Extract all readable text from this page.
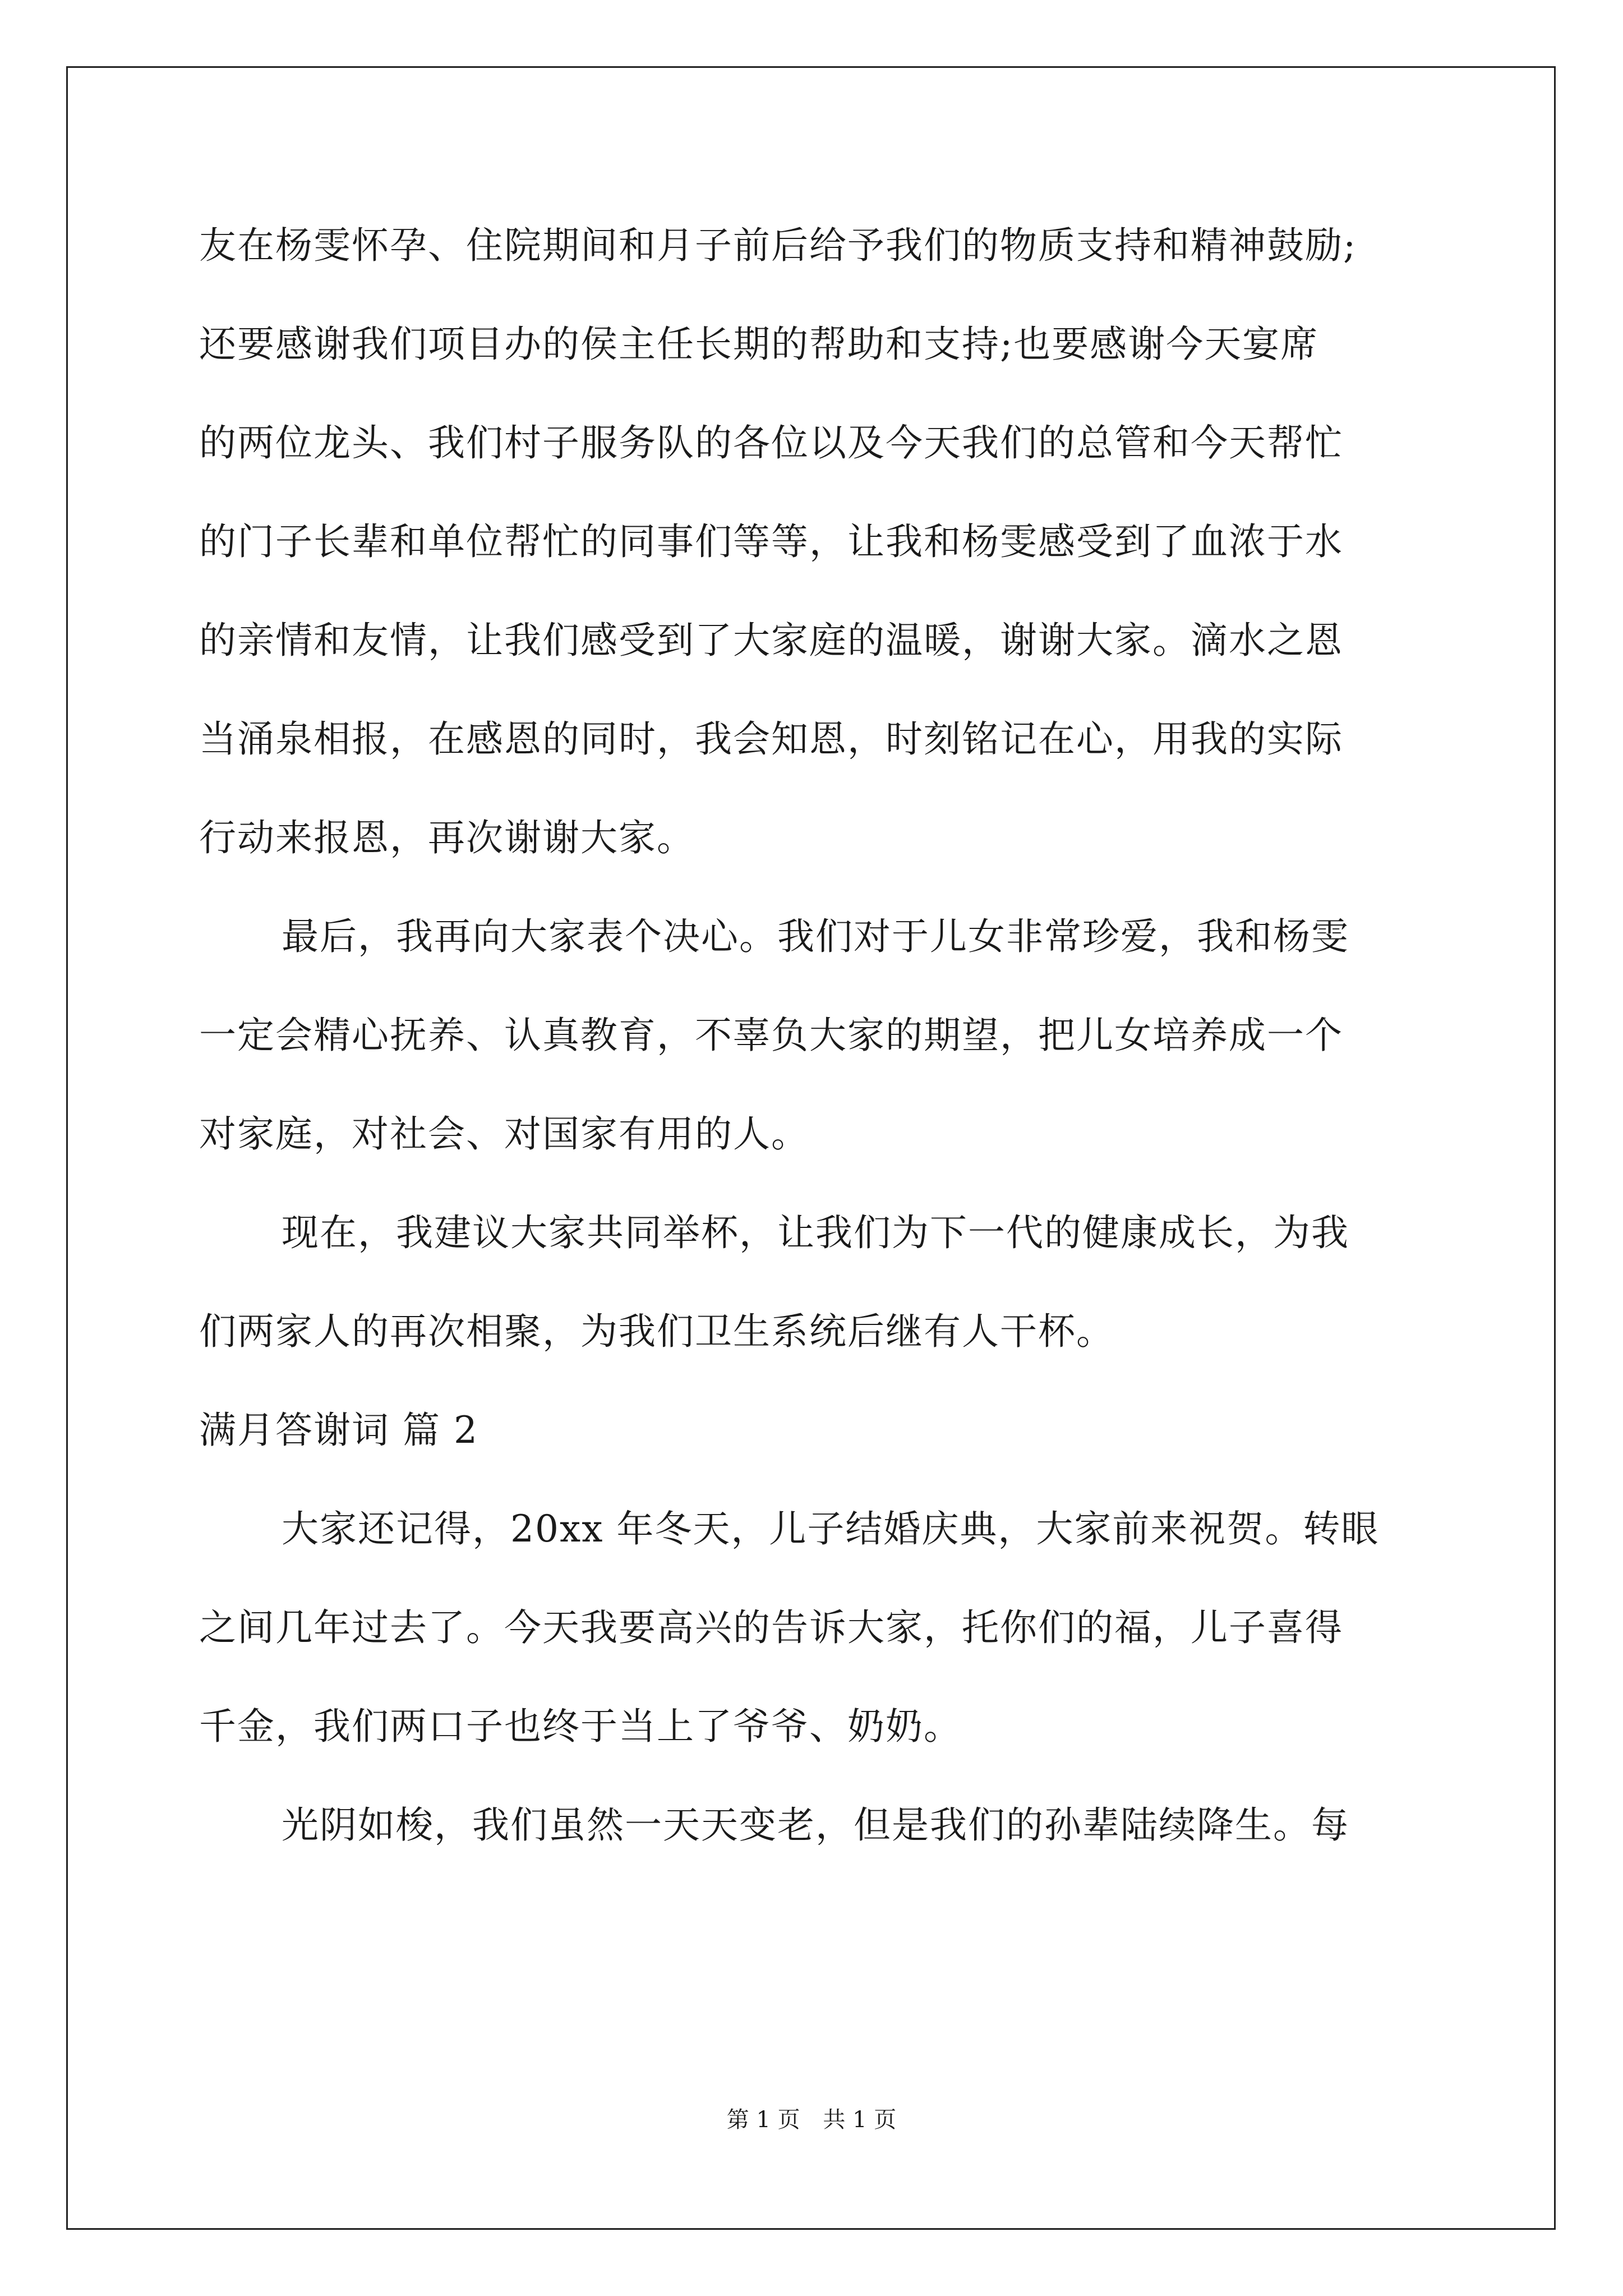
友在杨雯怀孕、住院期间和月子前后给予我们的物质支持和精神鼓励;
还要感谢我们项目办的侯主任长期的帮助和支持;也要感谢今天宴席
的两位龙头、我们村子服务队的各位以及今天我们的总管和今天帮忙
的门子长辈和单位帮忙的同事们等等，让我和杨雯感受到了血浓于水
的亲情和友情，让我们感受到了大家庭的温暖，谢谢大家。滴水之恩
当涌泉相报，在感恩的同时，我会知恩，时刻铭记在心，用我的实际
行动来报恩，再次谢谢大家。
最后，我再向大家表个决心。我们对于儿女非常珍爱，我和杨雯
一定会精心抚养、认真教育，不辜负大家的期望，把儿女培养成一个
对家庭，对社会、对国家有用的人。
现在，我建议大家共同举杯，让我们为下一代的健康成长，为我
们两家人的再次相聚，为我们卫生系统后继有人干杯。
满月答谢词 篇 2
大家还记得，20xx 年冬天，儿子结婚庆典，大家前来祝贺。转眼
之间几年过去了。今天我要高兴的告诉大家，托你们的福，儿子喜得
千金，我们两口子也终于当上了爷爷、奶奶。
光阴如梭，我们虽然一天天变老，但是我们的孙辈陆续降生。每
第 1 页 共 1 页
